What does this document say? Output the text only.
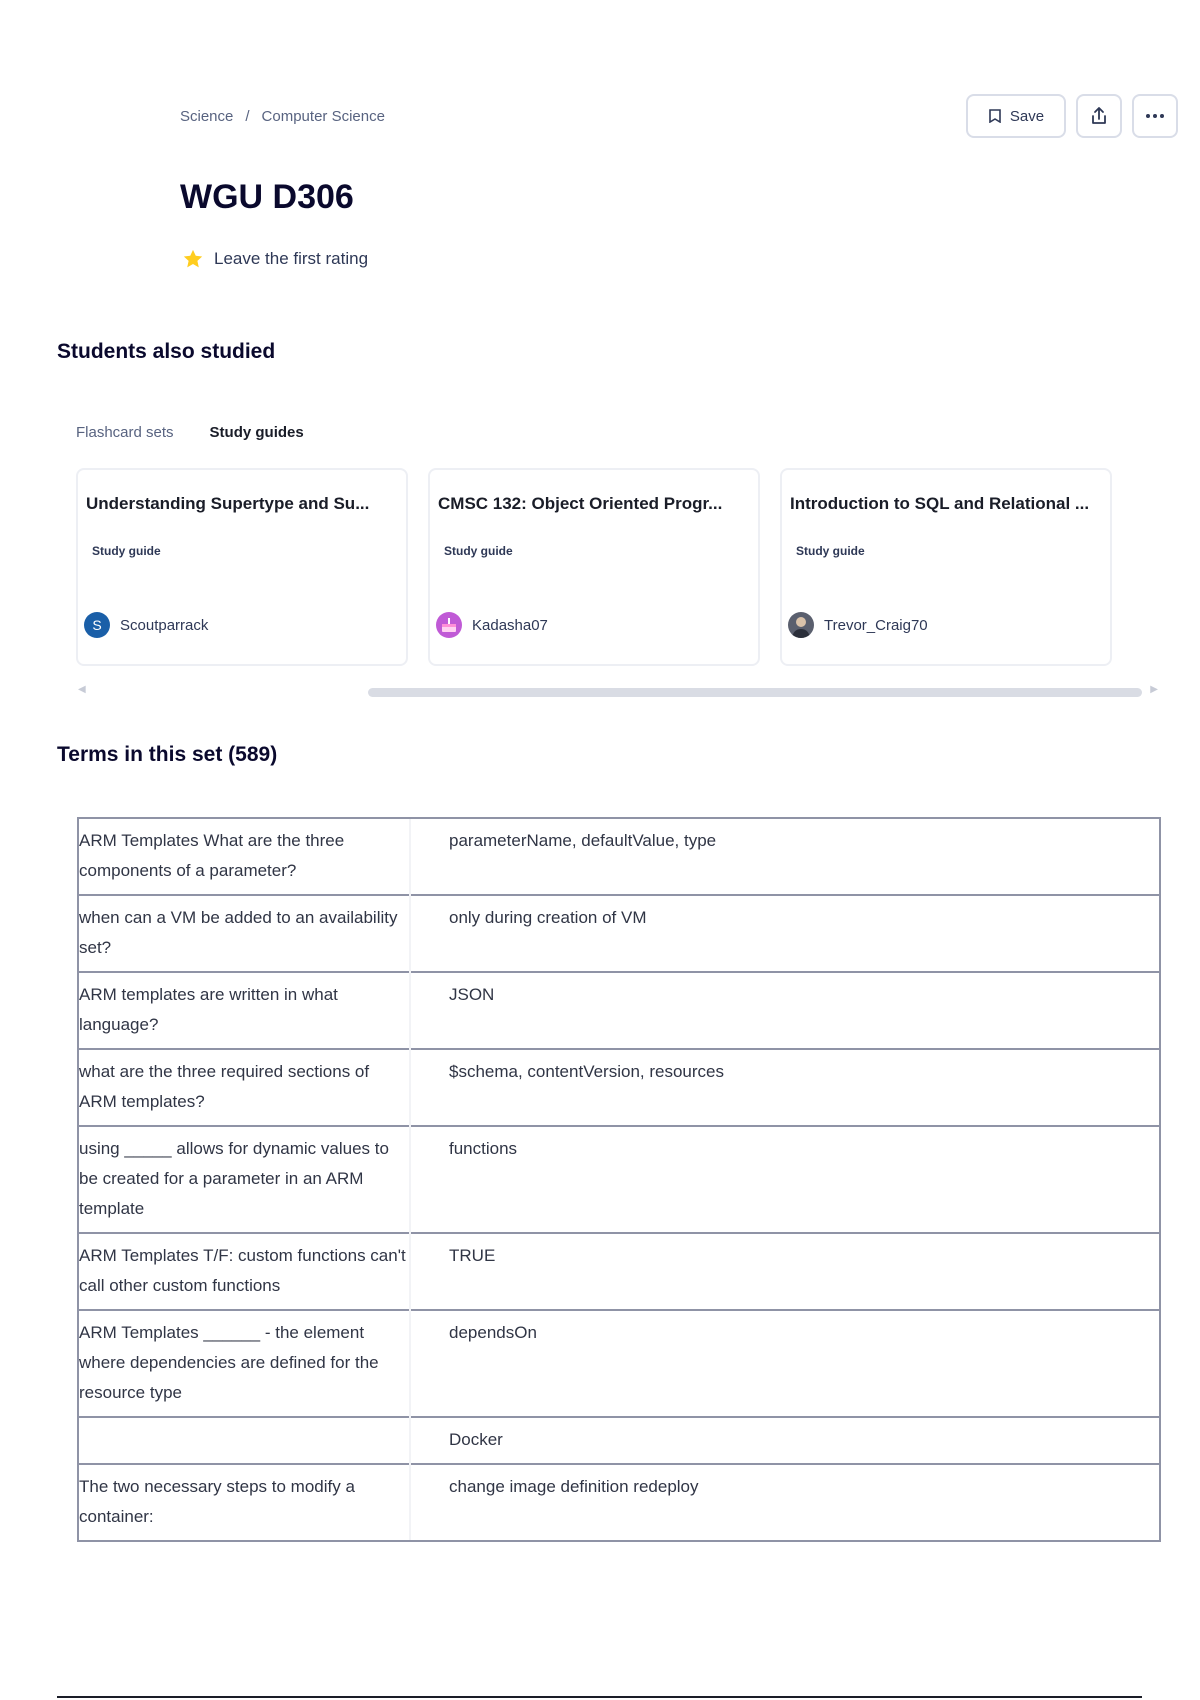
Science / Computer Science	Save
WGU D306
Leave the first rating
Students also studied
Flashcard sets Study guides
Understanding Supertype and Su...
Study guide
S	Scoutparrack
CMSC 132: Object Oriented Progr...
Study guide
Kadasha07
Introduction to SQL and Relational ...
Study guide
Trevor_Craig70
◀	▶
Terms in this set (589)
ARM Templates What are the three components of a parameter?	parameterName, defaultValue, type
when can a VM be added to an availability set?	only during creation of VM
ARM templates are written in what language?	JSON
what are the three required sections of ARM templates?	$schema, contentVersion, resources
using _____ allows for dynamic values to be created for a parameter in an ARM template	functions
ARM Templates T/F: custom functions can't call other custom functions	TRUE
ARM Templates ______ - the element where dependencies are defined for the resource type	dependsOn
	Docker
The two necessary steps to modify a container:	change image definition redeploy
